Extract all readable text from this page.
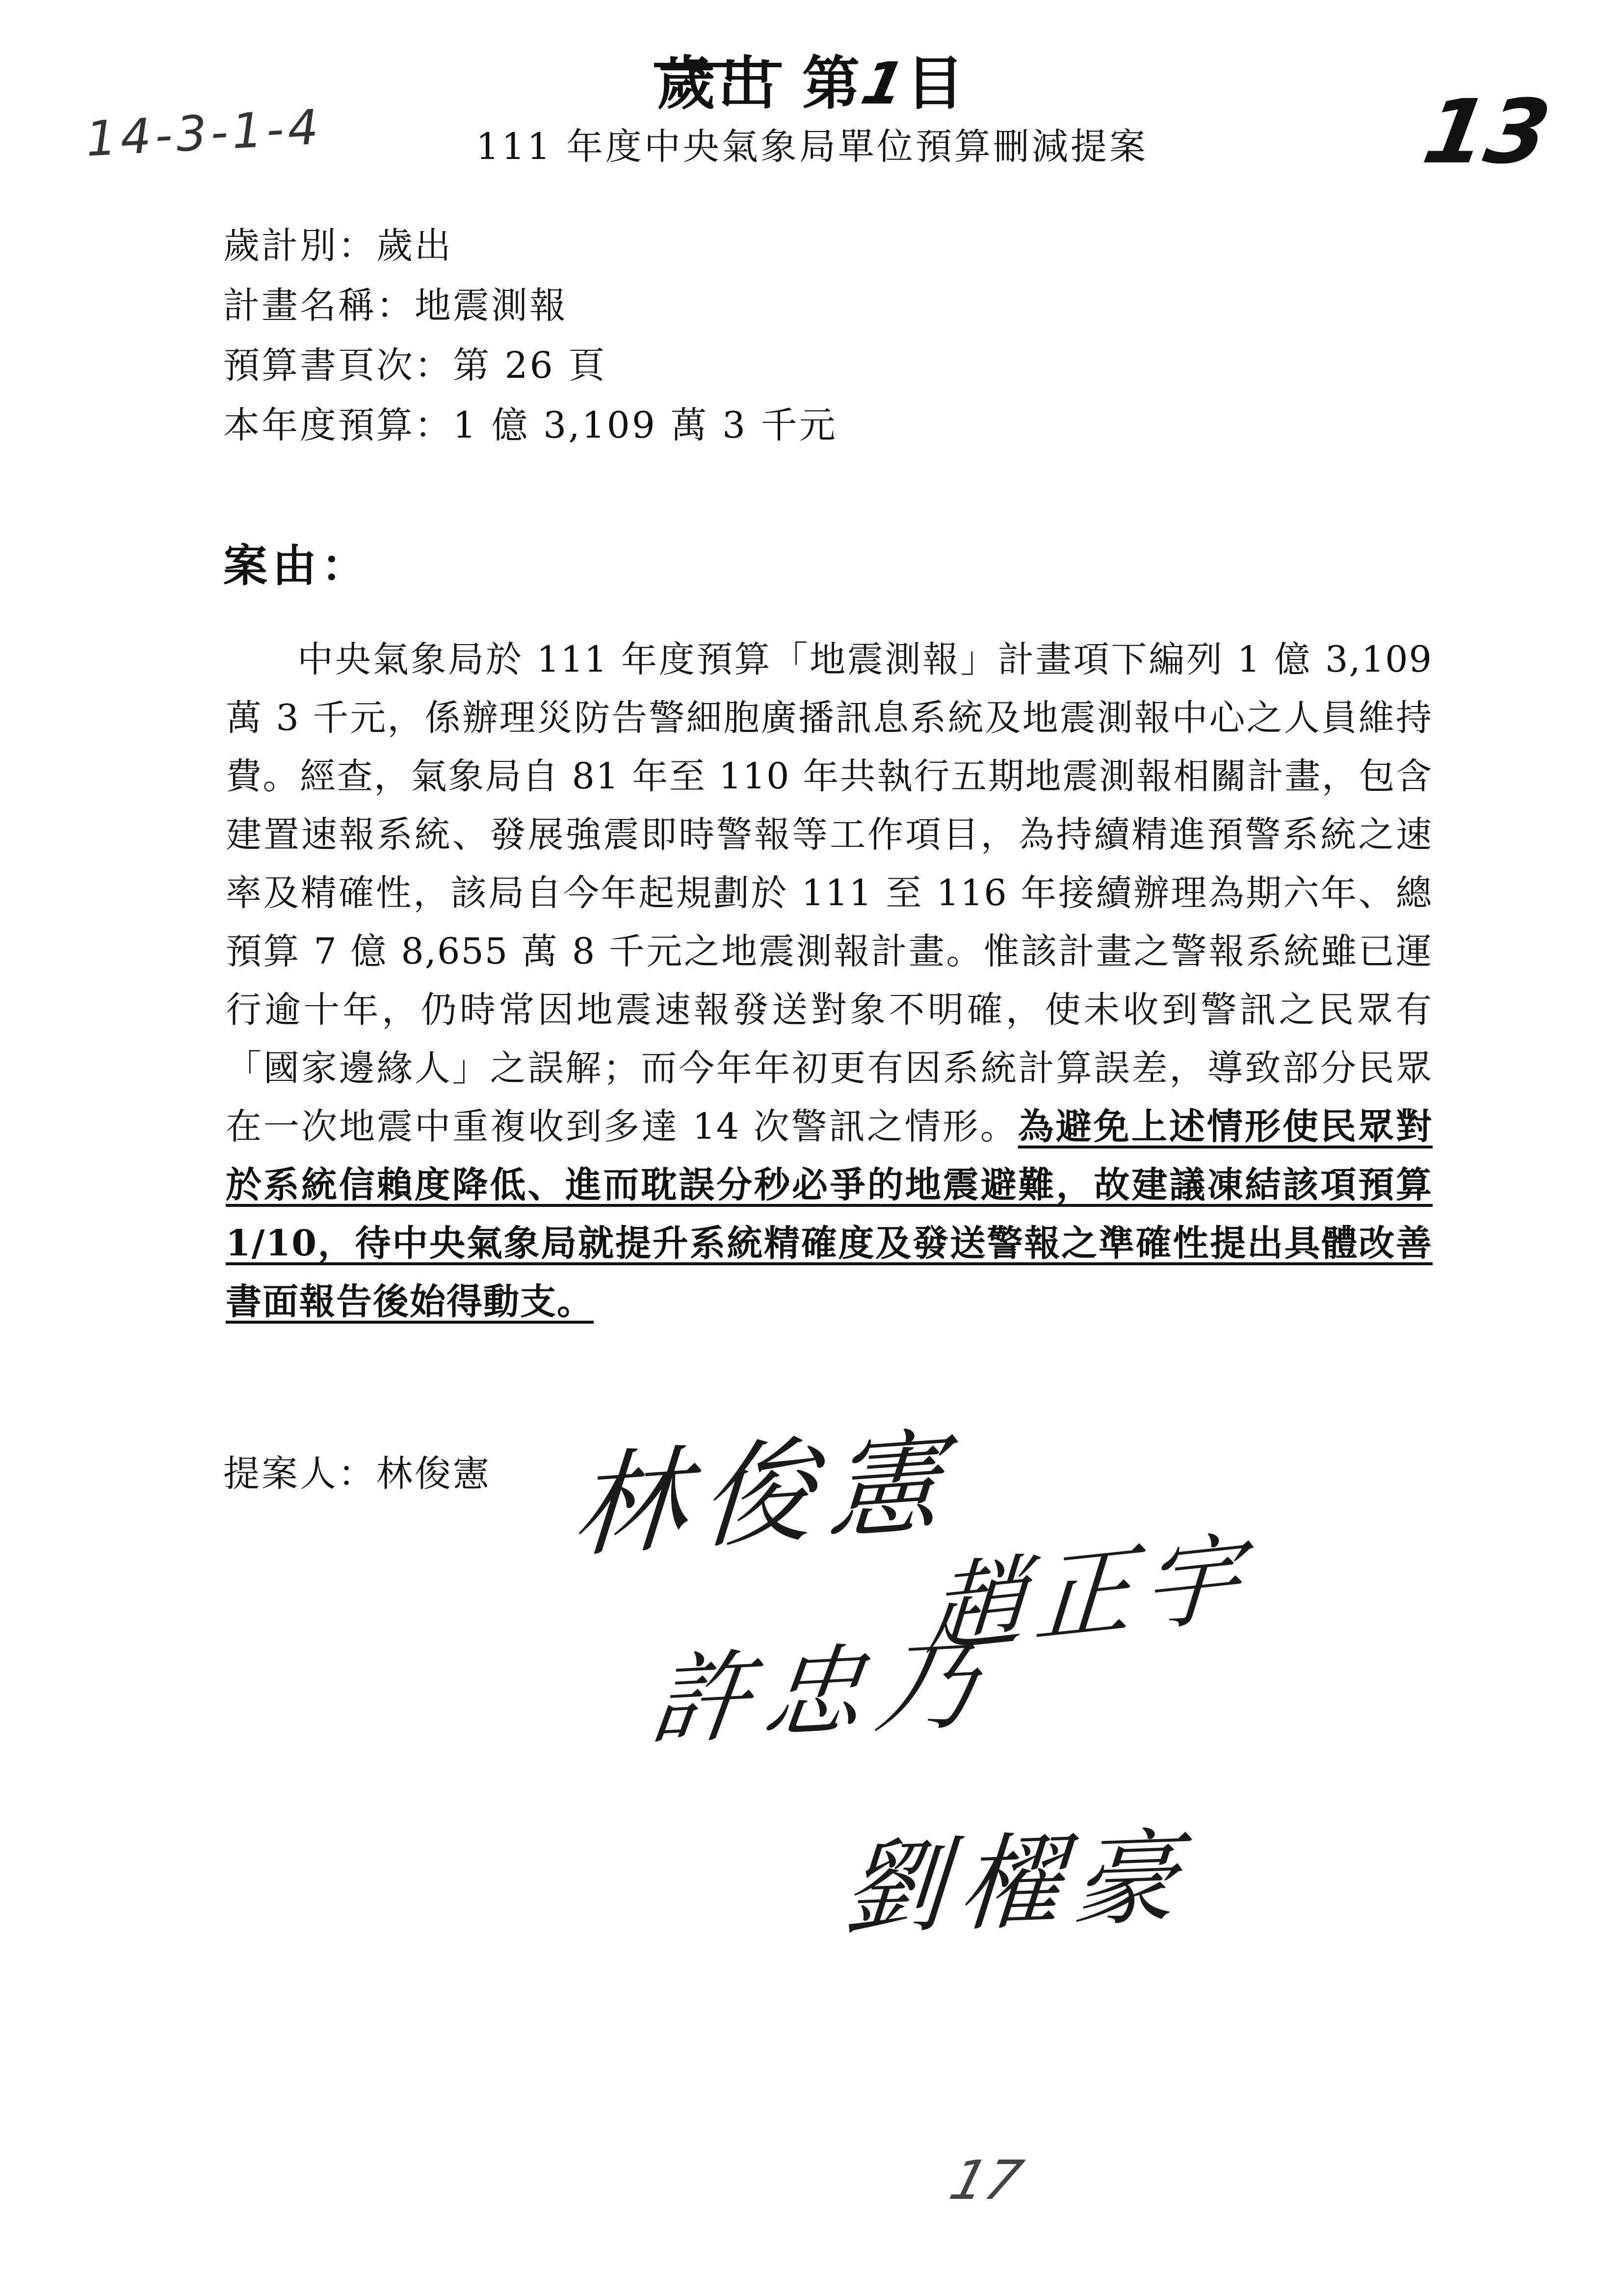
歲出 第1目
14-3-1-4	13
111 年度中央氣象局單位預算刪減提案
歲計別：歲出
計畫名稱：地震測報
預算書頁次：第 26 頁
本年度預算：1 億 3,109 萬 3 千元
案由：
中央氣象局於 111 年度預算「地震測報」計畫項下編列 1 億 3,109 萬 3 千元，係辦理災防告警細胞廣播訊息系統及地震測報中心之人員維持費。經查，氣象局自 81 年至 110 年共執行五期地震測報相關計畫，包含建置速報系統、發展強震即時警報等工作項目，為持續精進預警系統之速率及精確性，該局自今年起規劃於 111 至 116 年接續辦理為期六年、總預算 7 億 8,655 萬 8 千元之地震測報計畫。惟該計畫之警報系統雖已運行逾十年，仍時常因地震速報發送對象不明確，使未收到警訊之民眾有「國家邊緣人」之誤解；而今年年初更有因系統計算誤差，導致部分民眾在一次地震中重複收到多達 14 次警訊之情形。為避免上述情形使民眾對於系統信賴度降低、進而耽誤分秒必爭的地震避難，故建議凍結該項預算 1/10，待中央氣象局就提升系統精確度及發送警報之準確性提出具體改善書面報告後始得動支。
提案人：林俊憲 林俊憲
趙正宇
許忠乃
劉櫂豪
17
